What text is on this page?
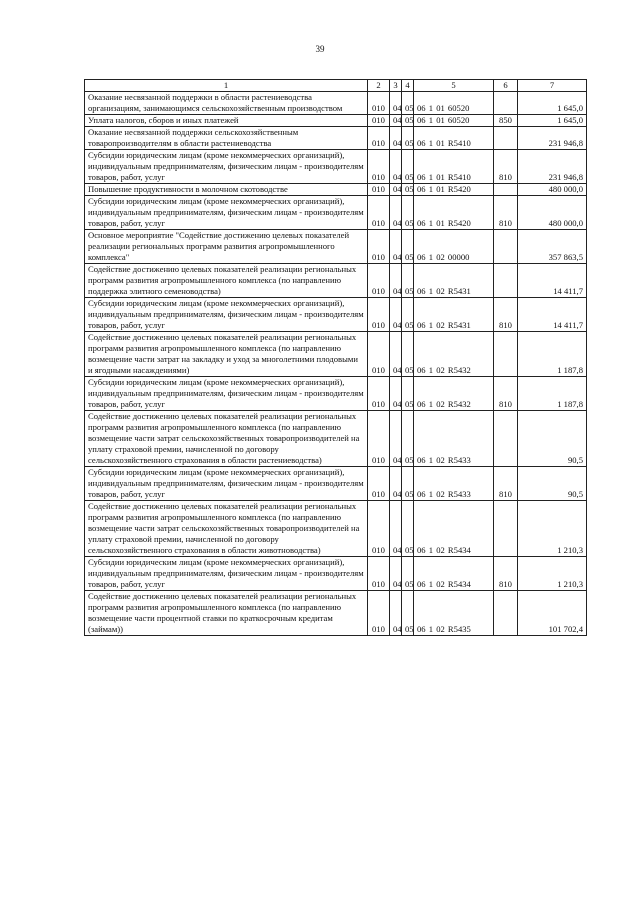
39
1	2	3	4	5	6	7
Оказание несвязанной поддержки в области растениеводства организациям, занимающимся сельскохозяйственным производством	010	04	05	06 1 01 60520		1 645,0
Уплата налогов, сборов и иных платежей	010	04	05	06 1 01 60520	850	1 645,0
Оказание несвязанной поддержки сельскохозяйственным товаропроизводителям в области растениеводства	010	04	05	06 1 01 R5410		231 946,8
Субсидии юридическим лицам (кроме некоммерческих организаций), индивидуальным предпринимателям, физическим лицам - производителям товаров, работ, услуг	010	04	05	06 1 01 R5410	810	231 946,8
Повышение продуктивности в молочном скотоводстве	010	04	05	06 1 01 R5420		480 000,0
Субсидии юридическим лицам (кроме некоммерческих организаций), индивидуальным предпринимателям, физическим лицам - производителям товаров, работ, услуг	010	04	05	06 1 01 R5420	810	480 000,0
Основное мероприятие "Содействие достижению целевых показателей реализации региональных программ развития агропромышленного комплекса"	010	04	05	06 1 02 00000		357 863,5
Содействие достижению целевых показателей реализации региональных программ развития агропромышленного комплекса (по направлению поддержка элитного семеноводства)	010	04	05	06 1 02 R5431		14 411,7
Субсидии юридическим лицам (кроме некоммерческих организаций), индивидуальным предпринимателям, физическим лицам - производителям товаров, работ, услуг	010	04	05	06 1 02 R5431	810	14 411,7
Содействие достижению целевых показателей реализации региональных программ развития агропромышленного комплекса (по направлению возмещение части затрат на закладку и уход за многолетними плодовыми и ягодными насаждениями)	010	04	05	06 1 02 R5432		1 187,8
Субсидии юридическим лицам (кроме некоммерческих организаций), индивидуальным предпринимателям, физическим лицам - производителям товаров, работ, услуг	010	04	05	06 1 02 R5432	810	1 187,8
Содействие достижению целевых показателей реализации региональных программ развития агропромышленного комплекса (по направлению возмещение части затрат сельскохозяйственных товаропроизводителей на уплату страховой премии, начисленной по договору сельскохозяйственного страхования в области растениеводства)	010	04	05	06 1 02 R5433		90,5
Субсидии юридическим лицам (кроме некоммерческих организаций), индивидуальным предпринимателям, физическим лицам - производителям товаров, работ, услуг	010	04	05	06 1 02 R5433	810	90,5
Содействие достижению целевых показателей реализации региональных программ развития агропромышленного комплекса (по направлению возмещение части затрат сельскохозяйственных товаропроизводителей на уплату страховой премии, начисленной по договору сельскохозяйственного страхования в области животноводства)	010	04	05	06 1 02 R5434		1 210,3
Субсидии юридическим лицам (кроме некоммерческих организаций), индивидуальным предпринимателям, физическим лицам - производителям товаров, работ, услуг	010	04	05	06 1 02 R5434	810	1 210,3
Содействие достижению целевых показателей реализации региональных программ развития агропромышленного комплекса (по направлению возмещение части процентной ставки по краткосрочным кредитам (займам))	010	04	05	06 1 02 R5435		101 702,4
